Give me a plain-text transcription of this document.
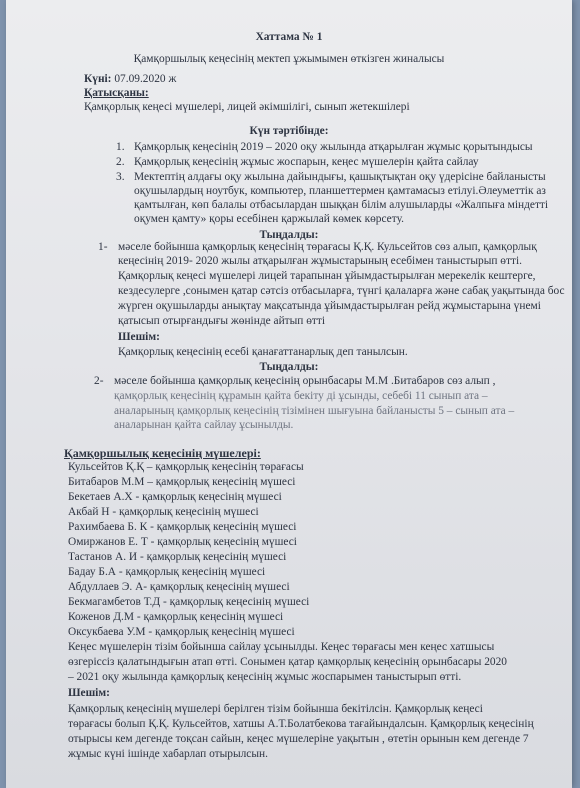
Хаттама № 1
Қамқоршылық кеңесінің мектеп ұжымымен өткізген жиналысы
Күні: 07.09.2020 ж
Қатысқаны:
Қамқорлық кеңесі мүшелері, лицей әкімшілігі, сынып жетекшілері
Күн тәртібінде:
1. Қамқорлық кеңесінің 2019 – 2020 оқу жылында атқарылған жұмыс қорытындысы
2. Қамқорлық кеңесінің жұмыс жоспарын, кеңес мүшелерін қайта сайлау
3. Мектептің алдағы оқу жылына дайындығы, қашықтықтан оқу үдерісіне байланысты
оқушылардың ноутбук, компьютер, планшеттермен қамтамасыз етілуі.Әлеуметтік аз
қамтылған, көп балалы отбасылардан шыққан білім алушыларды «Жалпыға міндетті
оқумен қамту» қоры есебінен қаржылай көмек көрсету.
Тыңдалды:
1- мәселе бойынша қамқорлық кеңесінің төрағасы Қ.Қ. Кульсейтов сөз алып, қамқорлық
кеңесінің 2019- 2020 жылы атқарылған жұмыстарының есебімен таныстырып өтті.
Қамқорлық кеңесі мүшелері лицей тарапынан ұйымдастырылған мерекелік кештерге,
кездесулерге ,сонымен қатар сәтсіз отбасыларға, түнгі қалаларға және сабақ уақытында бос
жүрген оқушыларды анықтау мақсатында ұйымдастырылған рейд жұмыстарына үнемі
қатысып отырғандығы жөнінде айтып өтті
Шешім:
Қамқорлық кеңесінің есебі қанағаттанарлық деп танылсын.
Тыңдалды:
2- мәселе бойынша қамқорлық кеңесінің орынбасары М.М .Битабаров сөз алып ,
қамқорлық кеңесінің құрамын қайта бекіту ді ұсынды, себебі 11 сынып ата –
аналарының қамқорлық кеңесінің тізімінен шығуына байланысты 5 – сынып ата –
аналарынан қайта сайлау ұсынылды.
Қамқоршылық кеңесінің мүшелері:
Кульсейтов Қ.Қ – қамқорлық кеңесінің төрағасы
Битабаров М.М – қамқорлық кеңесінің мүшесі
Бекетаев А.Х - қамқорлық кеңесінің мүшесі
Акбай Н - қамқорлық кеңесінің мүшесі
Рахимбаева Б. К - қамқорлық кеңесінің мүшесі
Омиржанов Е. Т - қамқорлық кеңесінің мүшесі
Тастанов А. И - қамқорлық кеңесінің мүшесі
Бадау Б.А - қамқорлық кеңесінің мүшесі
Абдуллаев Э. А- қамқорлық кеңесінің мүшесі
Бекмагамбетов Т.Д - қамқорлық кеңесінің мүшесі
Коженов Д.М - қамқорлық кеңесінің мүшесі
Оксукбаева У.М - қамқорлық кеңесінің мүшесі
Кеңес мүшелерін тізім бойынша сайлау ұсынылды. Кеңес төрағасы мен кеңес хатшысы
өзгеріссіз қалатындығын атап өтті. Сонымен қатар қамқорлық кеңесінің орынбасары 2020
– 2021 оқу жылында қамқорлық кеңесінің жұмыс жоспарымен таныстырып өтті.
Шешім:
Қамқорлық кеңесінің мүшелері берілген тізім бойынша бекітілсін. Қамқорлық кеңесі
төрағасы болып Қ.Қ. Кульсейтов, хатшы А.Т.Болатбекова тағайындалсын. Қамқорлық кеңесінің
отырысы кем дегенде тоқсан сайын, кеңес мүшелеріне уақытын , өтетін орынын кем дегенде 7
жұмыс күні ішінде хабарлап отырылсын.
